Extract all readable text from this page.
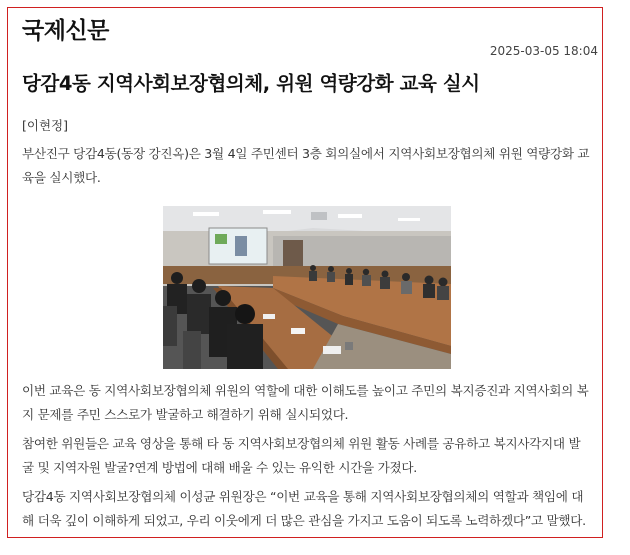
국제신문
2025-03-05 18:04
당감4동 지역사회보장협의체, 위원 역량강화 교육 실시
[이현정]
부산진구 당감4동(동장 강진옥)은 3월 4일 주민센터 3층 회의실에서 지역사회보장협의체 위원 역량강화 교육을 실시했다.
이번 교육은 동 지역사회보장협의체 위원의 역할에 대한 이해도를 높이고 주민의 복지증진과 지역사회의 복지 문제를 주민 스스로가 발굴하고 해결하기 위해 실시되었다.
참여한 위원들은 교육 영상을 통해 타 동 지역사회보장협의체 위원 활동 사례를 공유하고 복지사각지대 발굴 및 지역자원 발굴?연계 방법에 대해 배울 수 있는 유익한 시간을 가졌다.
당감4동 지역사회보장협의체 이성균 위원장은 “이번 교육을 통해 지역사회보장협의체의 역할과 책임에 대해 더욱 깊이 이해하게 되었고, 우리 이웃에게 더 많은 관심을 가지고 도움이 되도록 노력하겠다”고 말했다.
